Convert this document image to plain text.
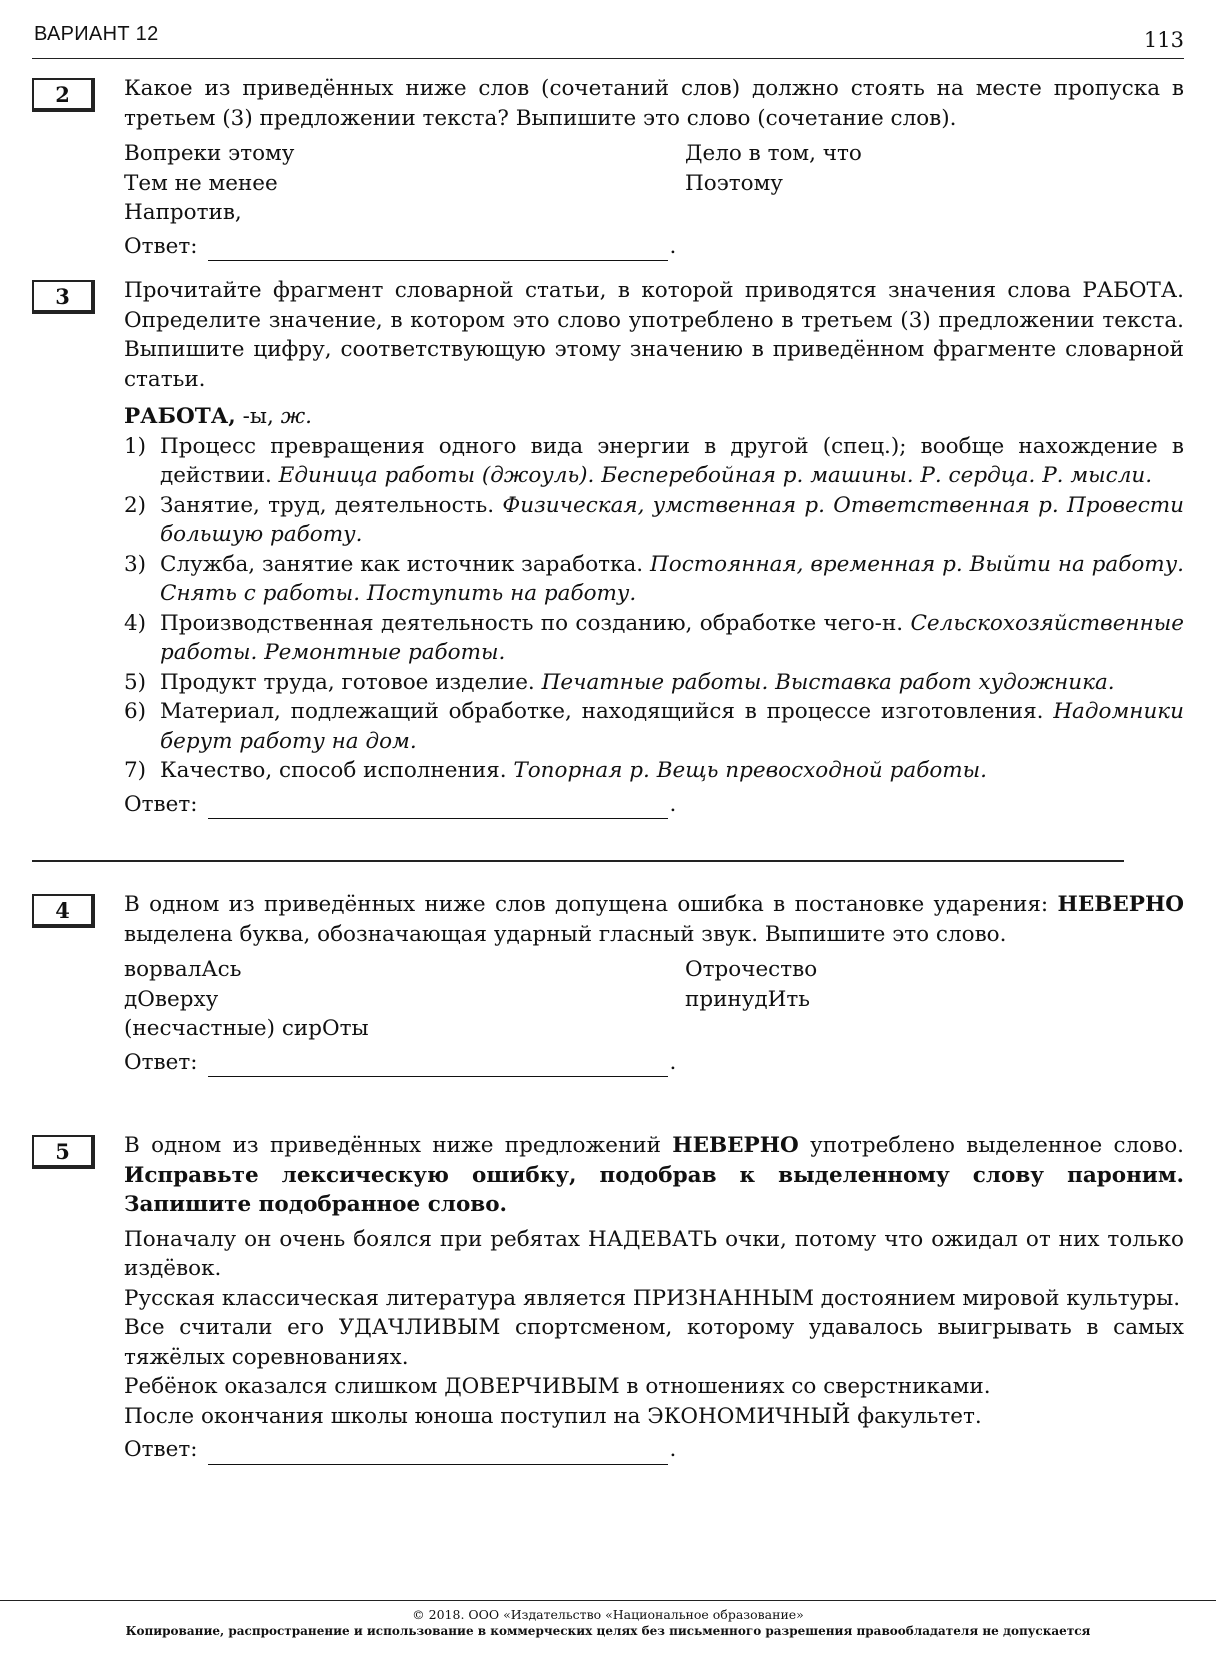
ВАРИАНТ 12	113
2	Какое из приведённых ниже слов (сочетаний слов) должно стоять на месте пропуска в третьем (3) предложении текста? Выпишите это слово (сочетание слов).

Вопреки этому
Тем не менее
Напротив,
Дело в том, что
Поэтому
Ответ:	.
3	Прочитайте фрагмент словарной статьи, в которой приводятся значения слова РАБОТА. Определите значение, в котором это слово употреблено в третьем (3) предложении текста. Выпишите цифру, соответствующую этому значению в приведённом фрагменте словарной статьи.

РАБОТА, -ы, ж.
1) Процесс превращения одного вида энергии в другой (спец.); вообще нахождение в действии. Единица работы (джоуль). Бесперебойная р. машины. Р. сердца. Р. мысли.
2) Занятие, труд, деятельность. Физическая, умственная р. Ответственная р. Провести большую работу.
3) Служба, занятие как источник заработка. Постоянная, временная р. Выйти на работу. Снять с работы. Поступить на работу.
4) Производственная деятельность по созданию, обработке чего-н. Сельскохозяйственные работы. Ремонтные работы.
5) Продукт труда, готовое изделие. Печатные работы. Выставка работ художника.
6) Материал, подлежащий обработке, находящийся в процессе изготовления. Надомники берут работу на дом.
7) Качество, способ исполнения. Топорная р. Вещь превосходной работы.
Ответ:	.
4	В одном из приведённых ниже слов допущена ошибка в постановке ударения: НЕВЕРНО выделена буква, обозначающая ударный гласный звук. Выпишите это слово.

ворвалАсь
дОверху
(несчастные) сирОты
Отрочество
принудИть
Ответ:	.
5	В одном из приведённых ниже предложений НЕВЕРНО употреблено выделенное слово. Исправьте лексическую ошибку, подобрав к выделенному слову пароним. Запишите подобранное слово.

Поначалу он очень боялся при ребятах НАДЕВАТЬ очки, потому что ожидал от них только издёвок.

Русская классическая литература является ПРИЗНАННЫМ достоянием мировой культуры.

Все считали его УДАЧЛИВЫМ спортсменом, которому удавалось выигрывать в самых тяжёлых соревнованиях.

Ребёнок оказался слишком ДОВЕРЧИВЫМ в отношениях со сверстниками.

После окончания школы юноша поступил на ЭКОНОМИЧНЫЙ факультет.

Ответ:	.
© 2018. ООО «Издательство «Национальное образование»
Копирование, распространение и использование в коммерческих целях без письменного разрешения правообладателя не допускается
